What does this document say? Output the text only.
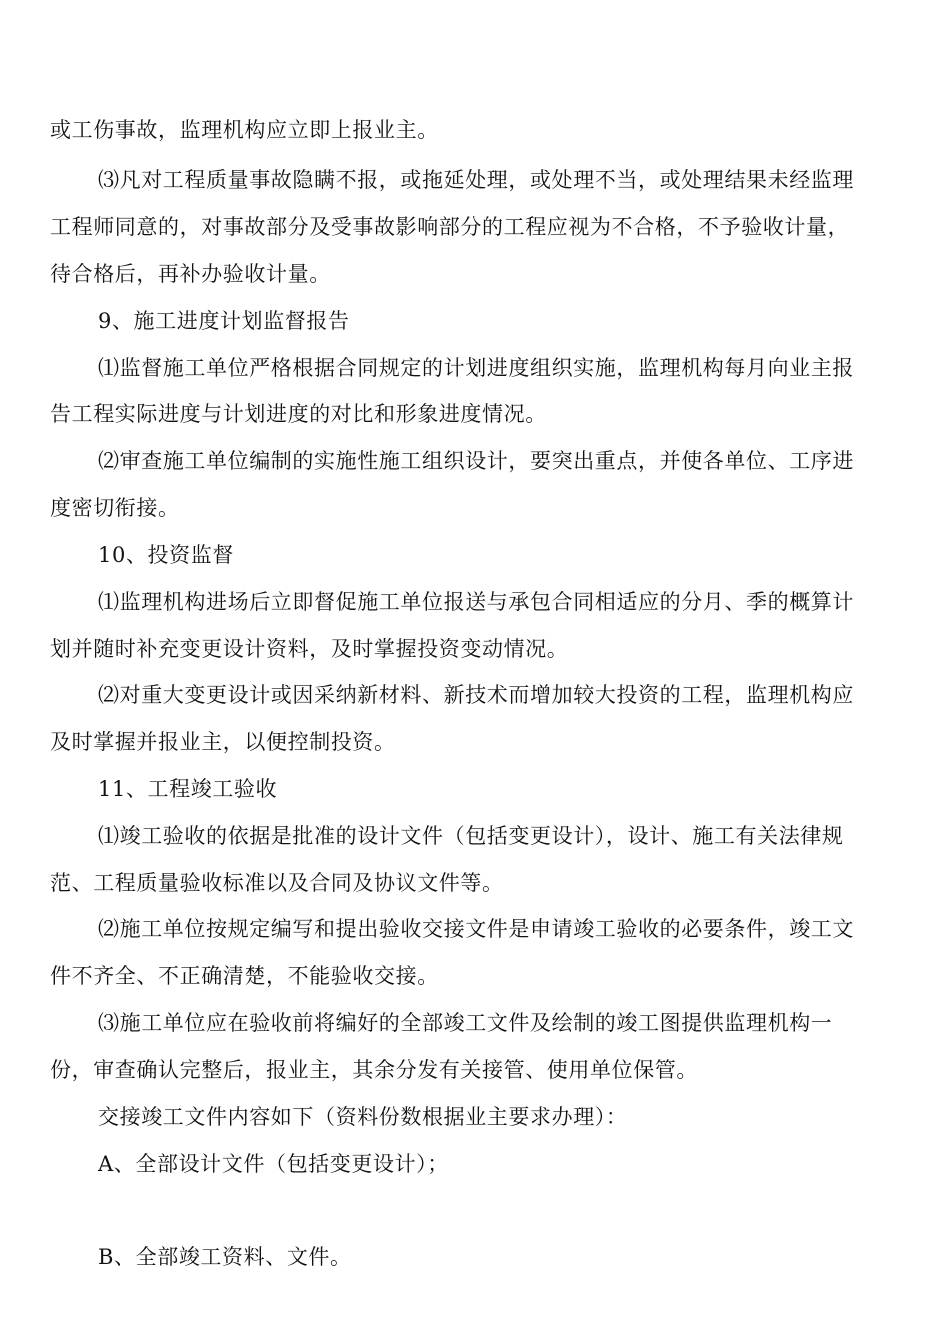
或工伤事故，监理机构应立即上报业主。
⑶凡对工程质量事故隐瞒不报，或拖延处理，或处理不当，或处理结果未经监理
工程师同意的，对事故部分及受事故影响部分的工程应视为不合格，不予验收计量，
待合格后，再补办验收计量。
9、施工进度计划监督报告
⑴监督施工单位严格根据合同规定的计划进度组织实施，监理机构每月向业主报
告工程实际进度与计划进度的对比和形象进度情况。
⑵审查施工单位编制的实施性施工组织设计，要突出重点，并使各单位、工序进
度密切衔接。
10、投资监督
⑴监理机构进场后立即督促施工单位报送与承包合同相适应的分月、季的概算计
划并随时补充变更设计资料，及时掌握投资变动情况。
⑵对重大变更设计或因采纳新材料、新技术而增加较大投资的工程，监理机构应
及时掌握并报业主，以便控制投资。
11、工程竣工验收
⑴竣工验收的依据是批准的设计文件（包括变更设计），设计、施工有关法律规
范、工程质量验收标准以及合同及协议文件等。
⑵施工单位按规定编写和提出验收交接文件是申请竣工验收的必要条件，竣工文
件不齐全、不正确清楚，不能验收交接。
⑶施工单位应在验收前将编好的全部竣工文件及绘制的竣工图提供监理机构一
份，审查确认完整后，报业主，其余分发有关接管、使用单位保管。
交接竣工文件内容如下（资料份数根据业主要求办理）：
A、全部设计文件（包括变更设计）；
B、全部竣工资料、文件。
